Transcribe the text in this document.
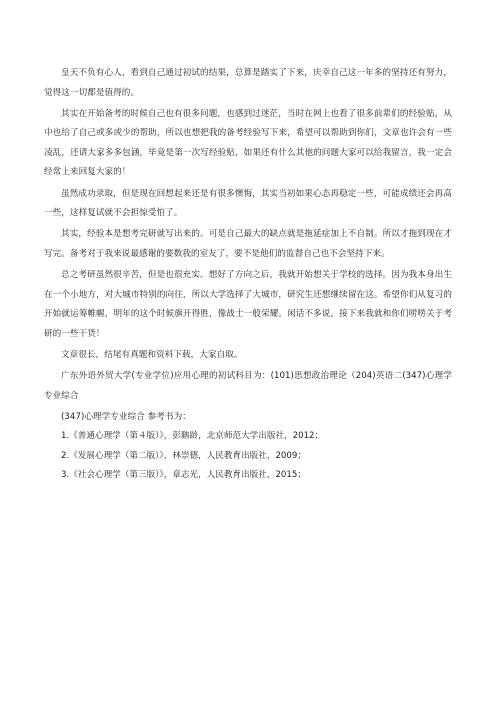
皇天不负有心人，看到自己通过初试的结果，总算是踏实了下来，庆幸自己这一年多的坚持还有努力，觉得这一切都是值得的。

其实在开始备考的时候自己也有很多问题，也感到过迷茫，当时在网上也看了很多前辈们的经验贴，从中也给了自己或多或少的帮助，所以也想把我的备考经验写下来，希望可以帮助到你们，文章也许会有一些凌乱，还请大家多多包涵，毕竟是第一次写经验贴，如果还有什么其他的问题大家可以给我留言，我一定会经常上来回复大家的！

虽然成功录取，但是现在回想起来还是有很多懊悔，其实当初如果心态再稳定一些，可能成绩还会再高一些，这样复试就不会担惊受怕了。

其实，经验本是想考完研就写出来的。可是自己最大的缺点就是拖延症加上不自制。所以才拖到现在才写完。备考对于我来说最感谢的要数我的室友了，要不是他们的监督自己也不会坚持下来。

总之考研虽然很辛苦，但是也很充实。想好了方向之后，我就开始想关于学校的选择。因为我本身出生在一个小地方，对大城市特别的向往，所以大学选择了大城市，研究生还想继续留在这。希望你们从复习的开始就运筹帷幄，明年的这个时候旗开得胜，像战士一般荣耀。闲话不多说，接下来我就和你们唠唠关于考研的一些干货！

文章很长，结尾有真题和资料下载，大家自取。

广东外语外贸大学(专业学位)应用心理的初试科目为：(101)思想政治理论（204)英语二(347)心理学专业综合

(347)心理学专业综合 参考书为：

1.《普通心理学（第４版）》，彭聃龄，北京师范大学出版社，2012；

2.《发展心理学（第二版）》，林崇德，人民教育出版社，2009；

3.《社会心理学（第三版）》，章志光，人民教育出版社，2015；
